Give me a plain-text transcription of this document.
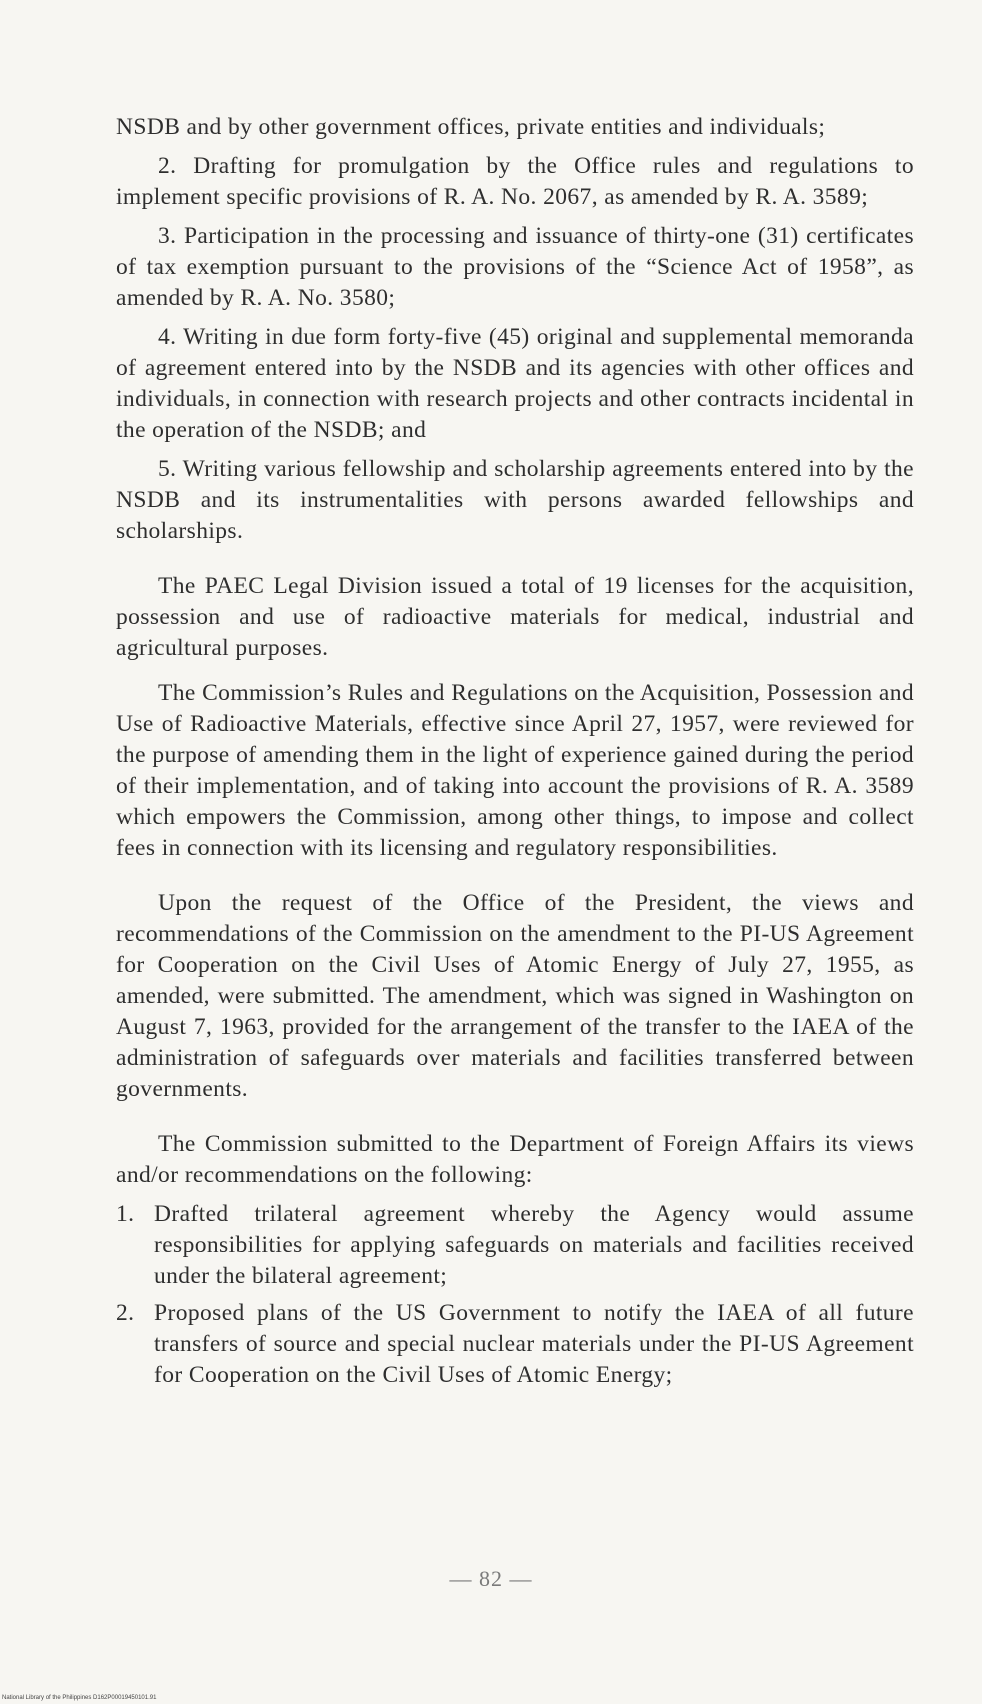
NSDB and by other government offices, private entities and individuals;

2. Drafting for promulgation by the Office rules and regulations to implement specific provisions of R. A. No. 2067, as amended by R. A. 3589;

3. Participation in the processing and issuance of thirty-one (31) certificates of tax exemption pursuant to the provisions of the “Science Act of 1958”, as amended by R. A. No. 3580;

4. Writing in due form forty-five (45) original and supplemental memoranda of agreement entered into by the NSDB and its agencies with other offices and individuals, in connection with research projects and other contracts incidental in the operation of the NSDB; and

5. Writing various fellowship and scholarship agreements entered into by the NSDB and its instrumentalities with persons awarded fellowships and scholarships.

The PAEC Legal Division issued a total of 19 licenses for the acquisition, possession and use of radioactive materials for medical, industrial and agricultural purposes.

The Commission’s Rules and Regulations on the Acquisition, Possession and Use of Radioactive Materials, effective since April 27, 1957, were reviewed for the purpose of amending them in the light of experience gained during the period of their implementation, and of taking into account the provisions of R. A. 3589 which empowers the Commission, among other things, to impose and collect fees in connection with its licensing and regulatory responsibilities.

Upon the request of the Office of the President, the views and recommendations of the Commission on the amendment to the PI-US Agreement for Cooperation on the Civil Uses of Atomic Energy of July 27, 1955, as amended, were submitted. The amendment, which was signed in Washington on August 7, 1963, provided for the arrangement of the transfer to the IAEA of the administration of safeguards over materials and facilities transferred between governments.

The Commission submitted to the Department of Foreign Affairs its views and/or recommendations on the following:

1. Drafted trilateral agreement whereby the Agency would assume responsibilities for applying safeguards on materials and facilities received under the bilateral agreement;
2. Proposed plans of the US Government to notify the IAEA of all future transfers of source and special nuclear materials under the PI-US Agreement for Cooperation on the Civil Uses of Atomic Energy;
— 82 —
National Library of the Philippines D162P00019450101.91
